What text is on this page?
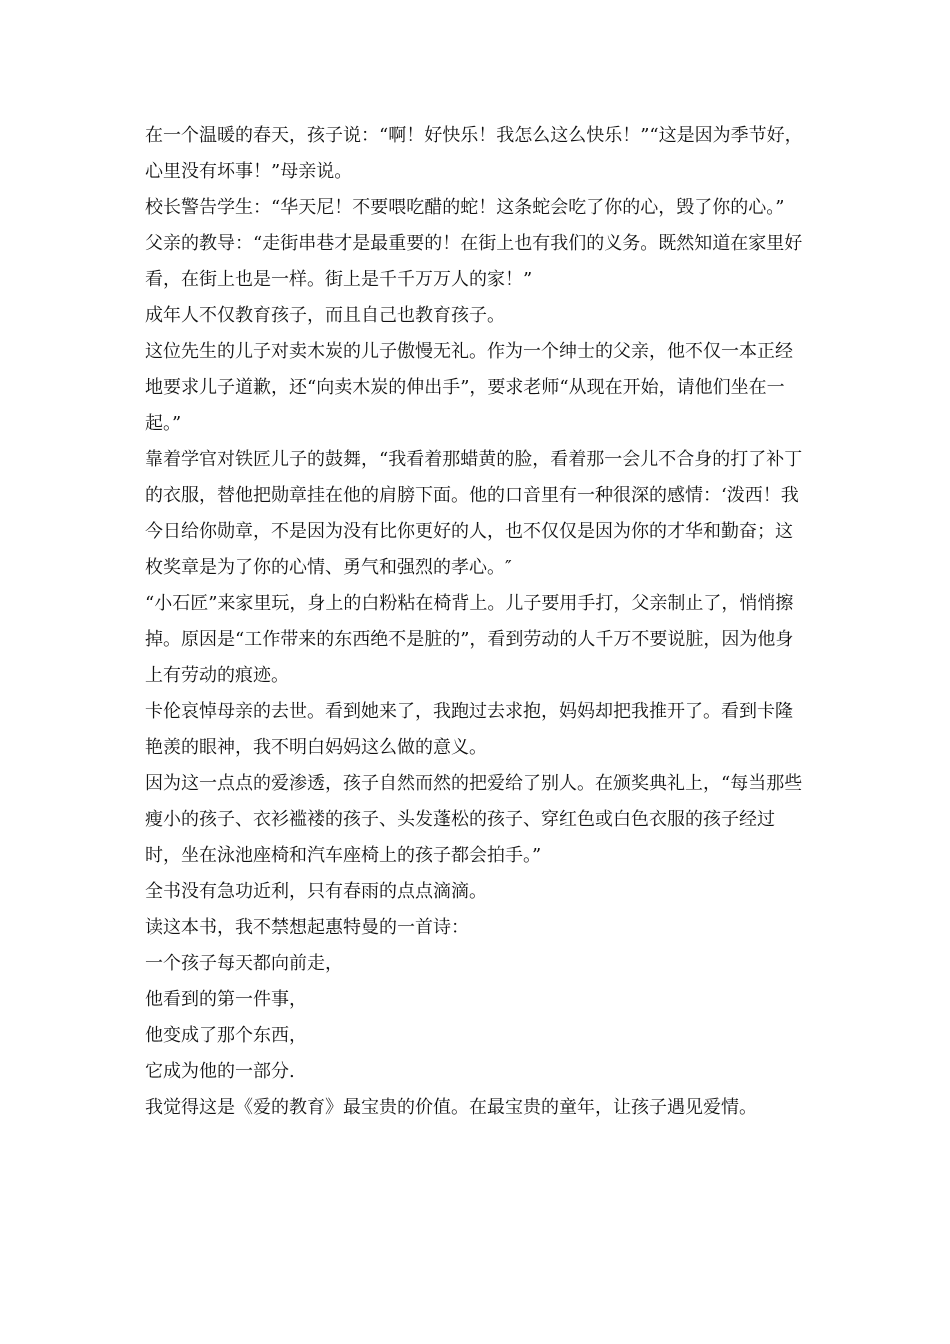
在一个温暖的春天，孩子说：“啊！好快乐！我怎么这么快乐！”“这是因为季节好，心里没有坏事！”母亲说。

校长警告学生：“华天尼！不要喂吃醋的蛇！这条蛇会吃了你的心，毁了你的心。”

父亲的教导：“走街串巷才是最重要的！在街上也有我们的义务。既然知道在家里好看，在街上也是一样。街上是千千万万人的家！”

成年人不仅教育孩子，而且自己也教育孩子。

这位先生的儿子对卖木炭的儿子傲慢无礼。作为一个绅士的父亲，他不仅一本正经地要求儿子道歉，还“向卖木炭的伸出手”，要求老师“从现在开始，请他们坐在一起。”

靠着学官对铁匠儿子的鼓舞，“我看着那蜡黄的脸，看着那一会儿不合身的打了补丁的衣服，替他把勋章挂在他的肩膀下面。他的口音里有一种很深的感情：‘泼西！我今日给你勋章，不是因为没有比你更好的人，也不仅仅是因为你的才华和勤奋；这枚奖章是为了你的心情、勇气和强烈的孝心。″

“小石匠”来家里玩，身上的白粉粘在椅背上。儿子要用手打，父亲制止了，悄悄擦掉。原因是“工作带来的东西绝不是脏的”，看到劳动的人千万不要说脏，因为他身上有劳动的痕迹。

卡伦哀悼母亲的去世。看到她来了，我跑过去求抱，妈妈却把我推开了。看到卡隆艳羡的眼神，我不明白妈妈这么做的意义。

因为这一点点的爱渗透，孩子自然而然的把爱给了别人。在颁奖典礼上，“每当那些瘦小的孩子、衣衫褴褛的孩子、头发蓬松的孩子、穿红色或白色衣服的孩子经过时，坐在泳池座椅和汽车座椅上的孩子都会拍手。”

全书没有急功近利，只有春雨的点点滴滴。

读这本书，我不禁想起惠特曼的一首诗：

一个孩子每天都向前走，

他看到的第一件事，

他变成了那个东西，

它成为他的一部分.

我觉得这是《爱的教育》最宝贵的价值。在最宝贵的童年，让孩子遇见爱情。
